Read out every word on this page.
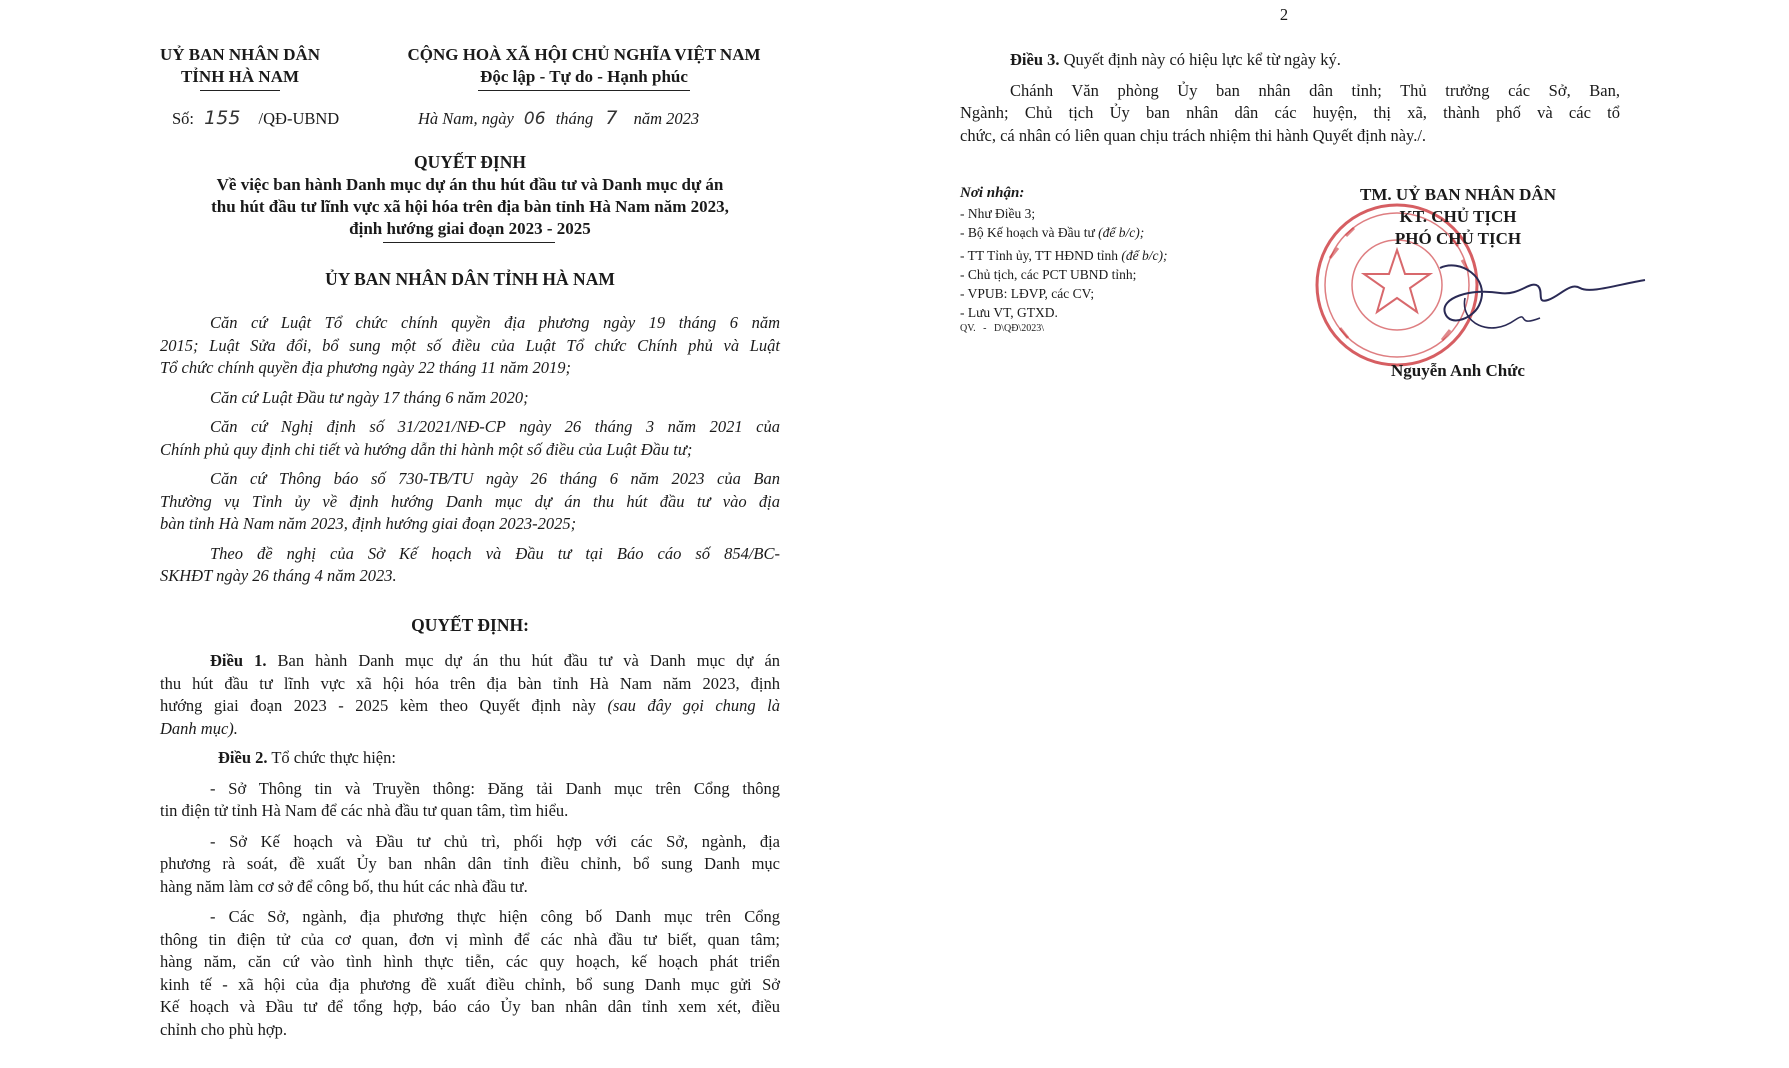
UỶ BAN NHÂN DÂN
TỈNH HÀ NAM
CỘNG HOÀ XÃ HỘI CHỦ NGHĨA VIỆT NAM
Độc lập - Tự do - Hạnh phúc
Số: 155 /QĐ-UBND	Hà Nam, ngày 06 tháng 7 năm 2023
QUYẾT ĐỊNH
Về việc ban hành Danh mục dự án thu hút đầu tư và Danh mục dự án
thu hút đầu tư lĩnh vực xã hội hóa trên địa bàn tỉnh Hà Nam năm 2023,
định hướng giai đoạn 2023 - 2025
ỦY BAN NHÂN DÂN TỈNH HÀ NAM
Căn cứ Luật Tổ chức chính quyền địa phương ngày 19 tháng 6 năm
2015; Luật Sửa đổi, bổ sung một số điều của Luật Tổ chức Chính phủ và Luật
Tổ chức chính quyền địa phương ngày 22 tháng 11 năm 2019;
Căn cứ Luật Đầu tư ngày 17 tháng 6 năm 2020;
Căn cứ Nghị định số 31/2021/NĐ-CP ngày 26 tháng 3 năm 2021 của
Chính phủ quy định chi tiết và hướng dẫn thi hành một số điều của Luật Đầu tư;
Căn cứ Thông báo số 730-TB/TU ngày 26 tháng 6 năm 2023 của Ban
Thường vụ Tỉnh ủy về định hướng Danh mục dự án thu hút đầu tư vào địa
bàn tỉnh Hà Nam năm 2023, định hướng giai đoạn 2023-2025;
Theo đề nghị của Sở Kế hoạch và Đầu tư tại Báo cáo số 854/BC-
SKHĐT ngày 26 tháng 4 năm 2023.
QUYẾT ĐỊNH:
Điều 1. Ban hành Danh mục dự án thu hút đầu tư và Danh mục dự án
thu hút đầu tư lĩnh vực xã hội hóa trên địa bàn tỉnh Hà Nam năm 2023, định
hướng giai đoạn 2023 - 2025 kèm theo Quyết định này (sau đây gọi chung là
Danh mục).
Điều 2. Tổ chức thực hiện:
- Sở Thông tin và Truyền thông: Đăng tải Danh mục trên Cổng thông
tin điện tử tỉnh Hà Nam để các nhà đầu tư quan tâm, tìm hiểu.
- Sở Kế hoạch và Đầu tư chủ trì, phối hợp với các Sở, ngành, địa
phương rà soát, đề xuất Ủy ban nhân dân tỉnh điều chỉnh, bổ sung Danh mục
hàng năm làm cơ sở để công bố, thu hút các nhà đầu tư.
- Các Sở, ngành, địa phương thực hiện công bố Danh mục trên Cổng
thông tin điện tử của cơ quan, đơn vị mình để các nhà đầu tư biết, quan tâm;
hàng năm, căn cứ vào tình hình thực tiễn, các quy hoạch, kế hoạch phát triển
kinh tế - xã hội của địa phương đề xuất điều chỉnh, bổ sung Danh mục gửi Sở
Kế hoạch và Đầu tư để tổng hợp, báo cáo Ủy ban nhân dân tỉnh xem xét, điều
chỉnh cho phù hợp.
2
Điều 3. Quyết định này có hiệu lực kể từ ngày ký.
Chánh Văn phòng Ủy ban nhân dân tỉnh; Thủ trưởng các Sở, Ban,
Ngành; Chủ tịch Ủy ban nhân dân các huyện, thị xã, thành phố và các tổ
chức, cá nhân có liên quan chịu trách nhiệm thi hành Quyết định này./.
Nơi nhận:
- Như Điều 3;
- Bộ Kế hoạch và Đầu tư (để b/c);
- TT Tỉnh ủy, TT HĐND tỉnh (để b/c);
- Chủ tịch, các PCT UBND tỉnh;
- VPUB: LĐVP, các CV;
- Lưu VT, GTXD.
QV.   -   D\QĐ\2023\
TM. UỶ BAN NHÂN DÂN
KT. CHỦ TỊCH
PHÓ CHỦ TỊCH
Nguyễn Anh Chức
